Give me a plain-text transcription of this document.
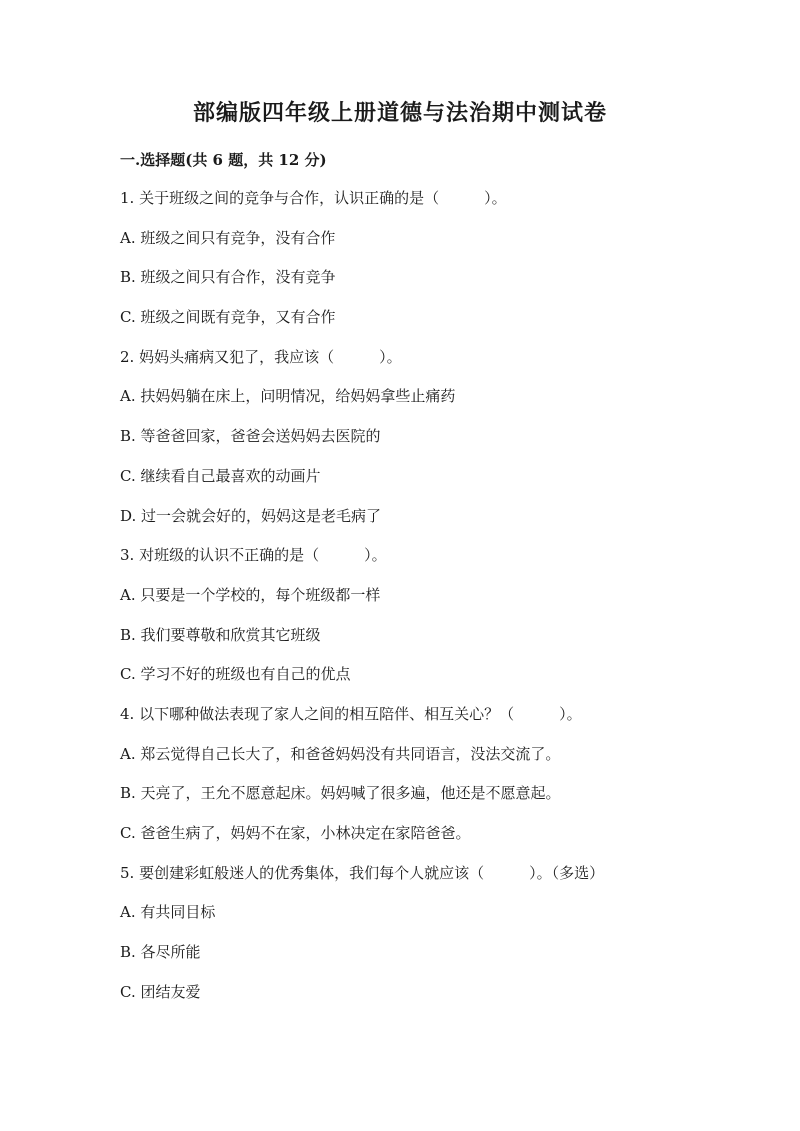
部编版四年级上册道德与法治期中测试卷
一.选择题(共 6 题，共 12 分)
1. 关于班级之间的竞争与合作，认识正确的是（　　　）。
A. 班级之间只有竞争，没有合作
B. 班级之间只有合作，没有竞争
C. 班级之间既有竞争，又有合作
2. 妈妈头痛病又犯了，我应该（　　　）。
A. 扶妈妈躺在床上，问明情况，给妈妈拿些止痛药
B. 等爸爸回家，爸爸会送妈妈去医院的
C. 继续看自己最喜欢的动画片
D. 过一会就会好的，妈妈这是老毛病了
3. 对班级的认识不正确的是（　　　）。
A. 只要是一个学校的，每个班级都一样
B. 我们要尊敬和欣赏其它班级
C. 学习不好的班级也有自己的优点
4. 以下哪种做法表现了家人之间的相互陪伴、相互关心？（　　　）。
A. 郑云觉得自己长大了，和爸爸妈妈没有共同语言，没法交流了。
B. 天亮了，王允不愿意起床。妈妈喊了很多遍，他还是不愿意起。
C. 爸爸生病了，妈妈不在家，小林决定在家陪爸爸。
5. 要创建彩虹般迷人的优秀集体，我们每个人就应该（　　　）。（多选）
A. 有共同目标
B. 各尽所能
C. 团结友爱
